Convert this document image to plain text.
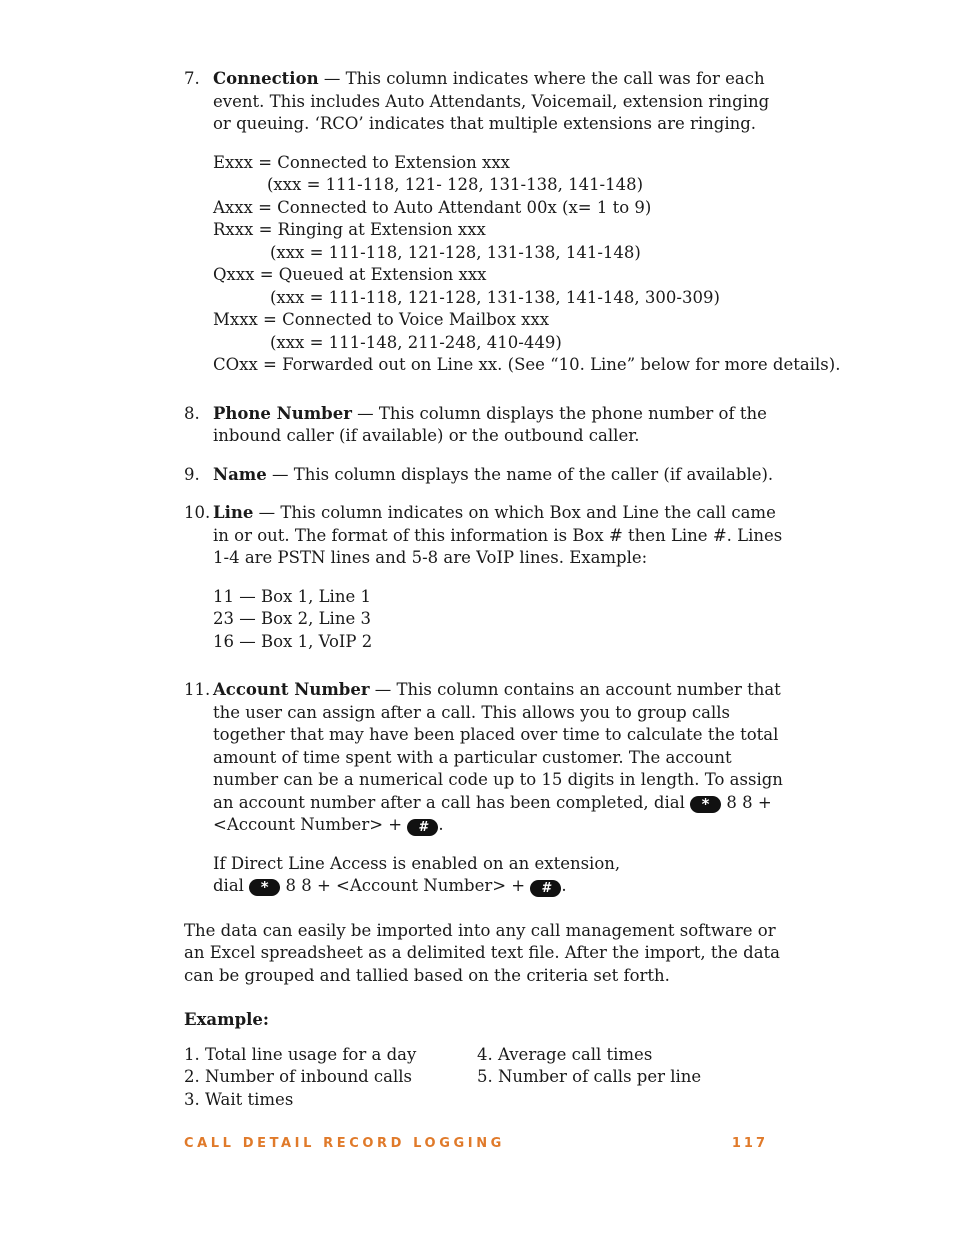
7. Connection — This column indicates where the call was for each event. This includes Auto Attendants, Voicemail, extension ringing or queuing. ‘RCO’ indicates that multiple extensions are ringing.
Exxx = Connected to Extension xxx
(xxx = 111-118, 121- 128, 131-138, 141-148)
Axxx = Connected to Auto Attendant 00x (x= 1 to 9)
Rxxx = Ringing at Extension xxx
(xxx = 111-118, 121-128, 131-138, 141-148)
Qxxx = Queued at Extension xxx
(xxx = 111-118, 121-128, 131-138, 141-148, 300-309)
Mxxx = Connected to Voice Mailbox xxx
(xxx = 111-148, 211-248, 410-449)
COxx = Forwarded out on Line xx. (See “10. Line” below for more details).
8. Phone Number — This column displays the phone number of the inbound caller (if available) or the outbound caller.
9. Name — This column displays the name of the caller (if available).
10. Line — This column indicates on which Box and Line the call came in or out. The format of this information is Box # then Line #. Lines 1-4 are PSTN lines and 5-8 are VoIP lines. Example:
11 — Box 1, Line 1
23 — Box 2, Line 3
16 — Box 1, VoIP 2
11. Account Number — This column contains an account number that the user can assign after a call. This allows you to group calls together that may have been placed over time to calculate the total amount of time spent with a particular customer. The account number can be a numerical code up to 15 digits in length. To assign an account number after a call has been completed, dial * 8 8 + <Account Number> + # .
If Direct Line Access is enabled on an extension,
dial * 8 8 + <Account Number> + # .
The data can easily be imported into any call management software or an Excel spreadsheet as a delimited text file. After the import, the data can be grouped and tallied based on the criteria set forth.
Example:
1. Total line usage for a day
2. Number of inbound calls
3. Wait times
4. Average call times
5. Number of calls per line
CALL DETAIL RECORD LOGGING	117
